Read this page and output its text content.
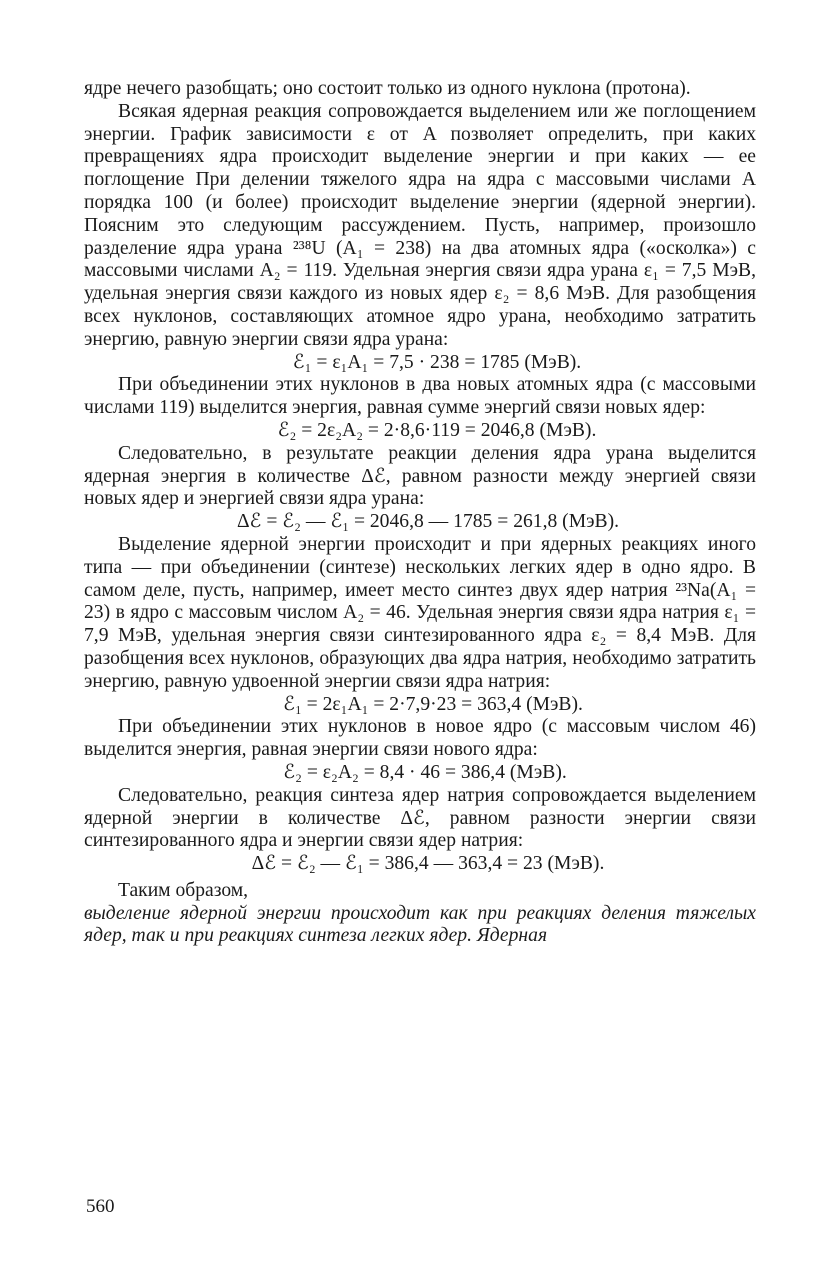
ядре нечего разобщать; оно состоит только из одного нуклона (протона).

Всякая ядерная реакция сопровождается выделением или же поглощением энергии. График зависимости ε от A позволяет определить, при каких превращениях ядра происходит выделение энергии и при каких — ее поглощение При делении тяжелого ядра на ядра с массовыми числами A порядка 100 (и более) происходит выделение энергии (ядерной энергии). Поясним это следующим рассуждением. Пусть, например, произошло разделение ядра урана ²³⁸U (A₁ = 238) на два атомных ядра («осколка») с массовыми числами A₂ = 119. Удельная энергия связи ядра урана ε₁ = 7,5 МэВ, удельная энергия связи каждого из новых ядер ε₂ = 8,6 МэВ. Для разобщения всех нуклонов, составляющих атомное ядро урана, необходимо затратить энергию, равную энергии связи ядра урана:

ℰ₁ = ε₁A₁ = 7,5 · 238 = 1785 (МэВ).

При объединении этих нуклонов в два новых атомных ядра (с массовыми числами 119) выделится энергия, равная сумме энергий связи новых ядер:

ℰ₂ = 2ε₂A₂ = 2·8,6·119 = 2046,8 (МэВ).

Следовательно, в результате реакции деления ядра урана выделится ядерная энергия в количестве Δℰ, равном разности между энергией связи новых ядер и энергией связи ядра урана:

Δℰ = ℰ₂ — ℰ₁ = 2046,8 — 1785 = 261,8 (МэВ).

Выделение ядерной энергии происходит и при ядерных реакциях иного типа — при объединении (синтезе) нескольких легких ядер в одно ядро. В самом деле, пусть, например, имеет место синтез двух ядер натрия ²³Na(A₁ = 23) в ядро с массовым числом A₂ = 46. Удельная энергия связи ядра натрия ε₁ = 7,9 МэВ, удельная энергия связи синтезированного ядра ε₂ = 8,4 МэВ. Для разобщения всех нуклонов, образующих два ядра натрия, необходимо затратить энергию, равную удвоенной энергии связи ядра натрия:

ℰ₁ = 2ε₁A₁ = 2·7,9·23 = 363,4 (МэВ).

При объединении этих нуклонов в новое ядро (с массовым числом 46) выделится энергия, равная энергии связи нового ядра:

ℰ₂ = ε₂A₂ = 8,4 · 46 = 386,4 (МэВ).

Следовательно, реакция синтеза ядер натрия сопровождается выделением ядерной энергии в количестве Δℰ, равном разности энергии связи синтезированного ядра и энергии связи ядер натрия:

Δℰ = ℰ₂ — ℰ₁ = 386,4 — 363,4 = 23 (МэВ).

Таким образом,

выделение ядерной энергии происходит как при реакциях деления тяжелых ядер, так и при реакциях синтеза легких ядер. Ядерная

560
